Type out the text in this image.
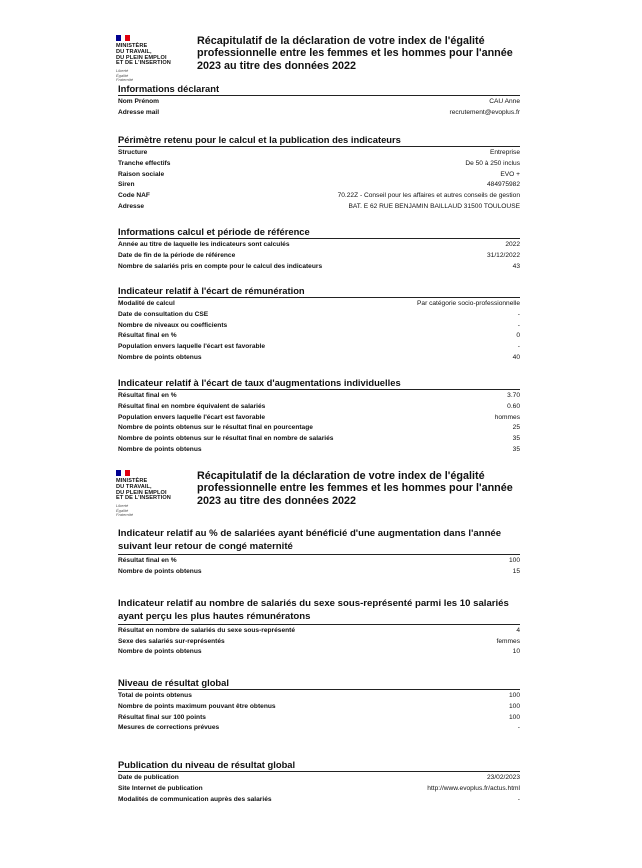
MINISTÈRE
DU TRAVAIL,
DU PLEIN EMPLOI
ET DE L'INSERTION
Liberté
Égalité
Fraternité
Récapitulatif de la déclaration de votre index de l'égalité professionnelle entre les femmes et les hommes pour l'année 2023 au titre des données 2022
Informations déclarant
Nom Prénom	CAU Anne
Adresse mail	recrutement@evoplus.fr
Périmètre retenu pour le calcul et la publication des indicateurs
Structure	Entreprise
Tranche effectifs	De 50 à 250 inclus
Raison sociale	EVO +
Siren	484975982
Code NAF	70.22Z - Conseil pour les affaires et autres conseils de gestion
Adresse	BAT. E 62 RUE BENJAMIN BAILLAUD 31500 TOULOUSE
Informations calcul et période de référence
Année au titre de laquelle les indicateurs sont calculés	2022
Date de fin de la période de référence	31/12/2022
Nombre de salariés pris en compte pour le calcul des indicateurs	43
Indicateur relatif à l'écart de rémunération
Modalité de calcul	Par catégorie socio-professionnelle
Date de consultation du CSE	-
Nombre de niveaux ou coefficients	-
Résultat final en %	0
Population envers laquelle l'écart est favorable	-
Nombre de points obtenus	40
Indicateur relatif à l'écart de taux d'augmentations individuelles
Résultat final en %	3.70
Résultat final en nombre équivalent de salariés	0.60
Population envers laquelle l'écart est favorable	hommes
Nombre de points obtenus sur le résultat final en pourcentage	25
Nombre de points obtenus sur le résultat final en nombre de salariés	35
Nombre de points obtenus	35
MINISTÈRE
DU TRAVAIL,
DU PLEIN EMPLOI
ET DE L'INSERTION
Liberté
Égalité
Fraternité
Récapitulatif de la déclaration de votre index de l'égalité professionnelle entre les femmes et les hommes pour l'année 2023 au titre des données 2022
Indicateur relatif au % de salariées ayant bénéficié d'une augmentation dans l'année suivant leur retour de congé maternité
Résultat final en %	100
Nombre de points obtenus	15
Indicateur relatif au nombre de salariés du sexe sous-représenté parmi les 10 salariés ayant perçu les plus hautes rémunératons
Résultat en nombre de salariés du sexe sous-représenté	4
Sexe des salariés sur-représentés	femmes
Nombre de points obtenus	10
Niveau de résultat global
Total de points obtenus	100
Nombre de points maximum pouvant être obtenus	100
Résultat final sur 100 points	100
Mesures de corrections prévues	-
Publication du niveau de résultat global
Date de publication	23/02/2023
Site Internet de publication	http://www.evoplus.fr/actus.html
Modalités de communication auprès des salariés	-
